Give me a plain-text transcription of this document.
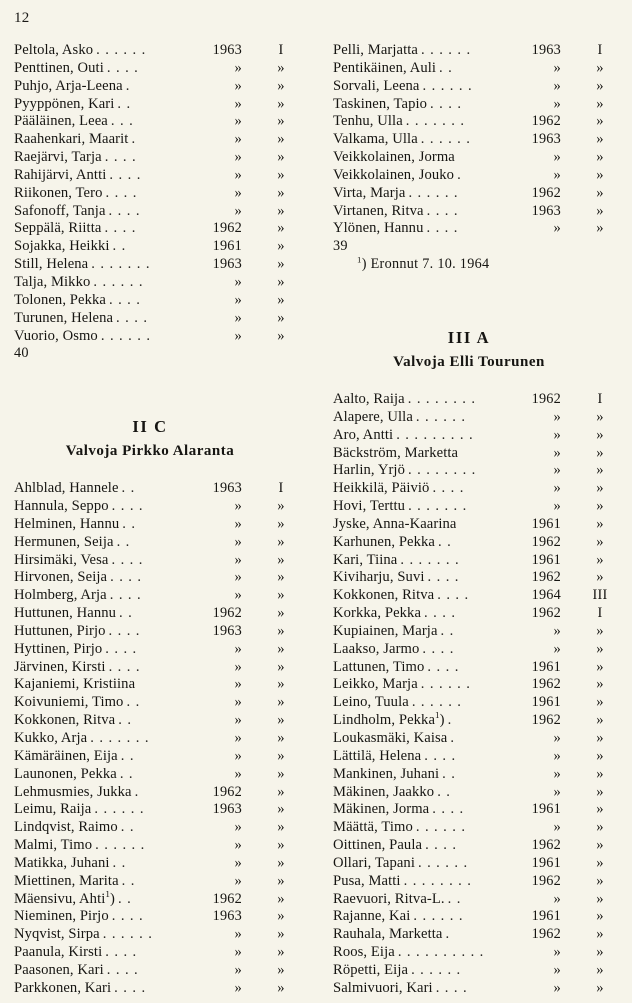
12
Peltola, Asko . . . . . .	1963	I
Penttinen, Outi . . . .	»	»
Puhjo, Arja-Leena .	»	»
Pyyppönen, Kari . .	»	»
Pääläinen, Leea . . .	»	»
Raahenkari, Maarit .	»	»
Raejärvi, Tarja . . . .	»	»
Rahijärvi, Antti . . . .	»	»
Riikonen, Tero . . . .	»	»
Safonoff, Tanja . . . .	»	»
Seppälä, Riitta . . . .	1962	»
Sojakka, Heikki . .	1961	»
Still, Helena . . . . . . .	1963	»
Talja, Mikko . . . . . .	»	»
Tolonen, Pekka . . . .	»	»
Turunen, Helena . . . .	»	»
Vuorio, Osmo . . . . . .	»	»
40
II C
Valvoja Pirkko Alaranta
Ahlblad, Hannele . .	1963	I
Hannula, Seppo . . . .	»	»
Helminen, Hannu . .	»	»
Hermunen, Seija . .	»	»
Hirsimäki, Vesa . . . .	»	»
Hirvonen, Seija . . . .	»	»
Holmberg, Arja . . . .	»	»
Huttunen, Hannu . .	1962	»
Huttunen, Pirjo . . . .	1963	»
Hyttinen, Pirjo . . . .	»	»
Järvinen, Kirsti . . . .	»	»
Kajaniemi, Kristiina	»	»
Koivuniemi, Timo . .	»	»
Kokkonen, Ritva . .	»	»
Kukko, Arja . . . . . . .	»	»
Kämäräinen, Eija . .	»	»
Launonen, Pekka . .	»	»
Lehmusmies, Jukka .	1962	»
Leimu, Raija . . . . . .	1963	»
Lindqvist, Raimo . .	»	»
Malmi, Timo . . . . . .	»	»
Matikka, Juhani . .	»	»
Miettinen, Marita . .	»	»
Mäensivu, Ahti$^1$) . .	1962	»
Nieminen, Pirjo . . . .	1963	»
Nyqvist, Sirpa . . . . . .	»	»
Paanula, Kirsti . . . .	»	»
Paasonen, Kari . . . .	»	»
Parkkonen, Kari . . . .	»	»
Pelli, Marjatta . . . . . .	1963	I
Pentikäinen, Auli . .	»	»
Sorvali, Leena . . . . . .	»	»
Taskinen, Tapio . . . .	»	»
Tenhu, Ulla . . . . . . .	1962	»
Valkama, Ulla . . . . . .	1963	»
Veikkolainen, Jorma	»	»
Veikkolainen, Jouko .	»	»
Virta, Marja . . . . . .	1962	»
Virtanen, Ritva . . . .	1963	»
Ylönen, Hannu . . . .	»	»
39
$^1$) Eronnut 7. 10. 1964
III A
Valvoja Elli Tourunen
Aalto, Raija . . . . . . . .	1962	I
Alapere, Ulla . . . . . .	»	»
Aro, Antti . . . . . . . . .	»	»
Bäckström, Marketta	»	»
Harlin, Yrjö . . . . . . . .	»	»
Heikkilä, Päiviö . . . .	»	»
Hovi, Terttu . . . . . . .	»	»
Jyske, Anna-Kaarina	1961	»
Karhunen, Pekka . .	1962	»
Kari, Tiina . . . . . . .	1961	»
Kiviharju, Suvi . . . .	1962	»
Kokkonen, Ritva . . . .	1964	III
Korkka, Pekka . . . .	1962	I
Kupiainen, Marja . .	»	»
Laakso, Jarmo . . . .	»	»
Lattunen, Timo . . . .	1961	»
Leikko, Marja . . . . . .	1962	»
Leino, Tuula . . . . . .	1961	»
Lindholm, Pekka$^1$) .	1962	»
Loukasmäki, Kaisa .	»	»
Lättilä, Helena . . . .	»	»
Mankinen, Juhani . .	»	»
Mäkinen, Jaakko . .	»	»
Mäkinen, Jorma . . . .	1961	»
Määttä, Timo . . . . . .	»	»
Oittinen, Paula . . . .	1962	»
Ollari, Tapani . . . . . .	1961	»
Pusa, Matti . . . . . . . .	1962	»
Raevuori, Ritva-L. . .	»	»
Rajanne, Kai . . . . . .	1961	»
Rauhala, Marketta .	1962	»
Roos, Eija . . . . . . . . . .	»	»
Röpetti, Eija . . . . . .	»	»
Salmivuori, Kari . . . .	»	»
